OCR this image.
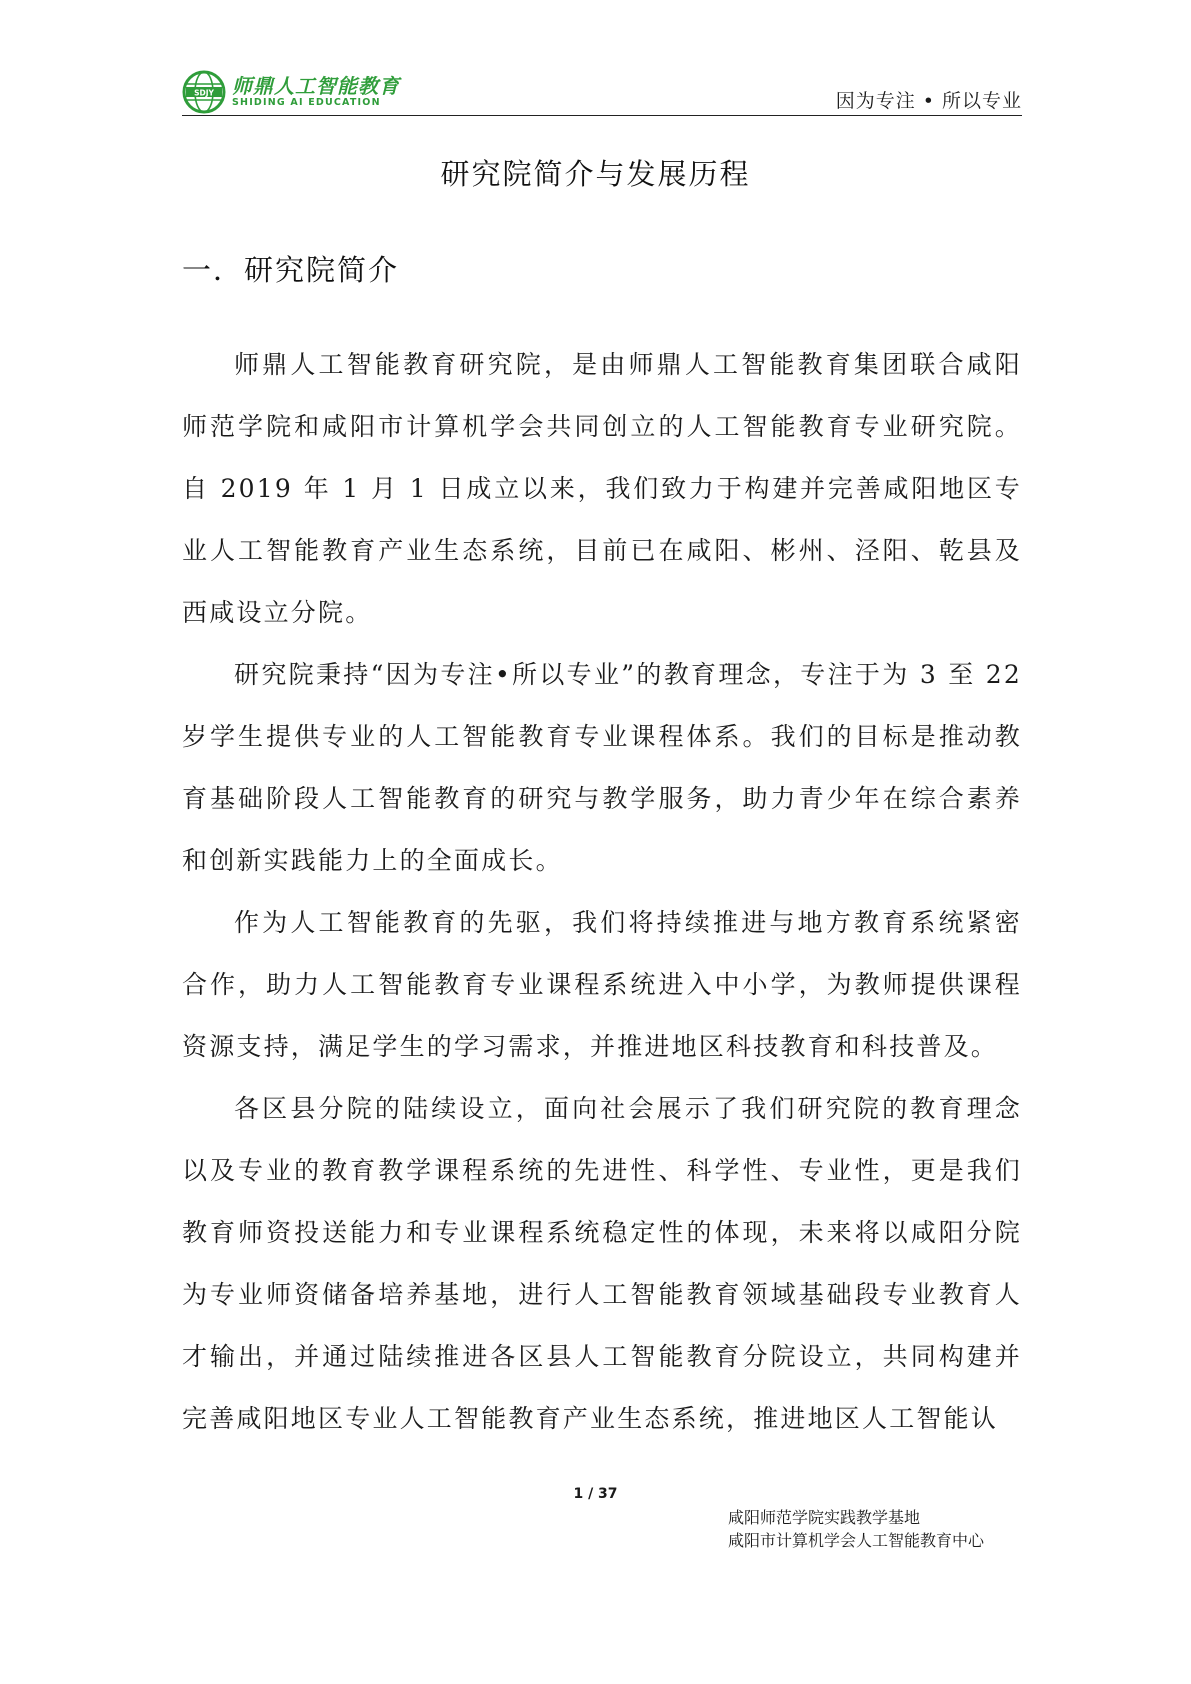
SDJY 师鼎人工智能教育
SHIDING AI EDUCATION	因为专注 • 所以专业
研究院简介与发展历程
一．研究院简介

师鼎人工智能教育研究院，是由师鼎人工智能教育集团联合咸阳师范学院和咸阳市计算机学会共同创立的人工智能教育专业研究院。自 2019 年 1 月 1 日成立以来，我们致力于构建并完善咸阳地区专业人工智能教育产业生态系统，目前已在咸阳、彬州、泾阳、乾县及西咸设立分院。

研究院秉持“因为专注•所以专业”的教育理念，专注于为 3 至 22 岁学生提供专业的人工智能教育专业课程体系。我们的目标是推动教育基础阶段人工智能教育的研究与教学服务，助力青少年在综合素养和创新实践能力上的全面成长。

作为人工智能教育的先驱，我们将持续推进与地方教育系统紧密合作，助力人工智能教育专业课程系统进入中小学，为教师提供课程资源支持，满足学生的学习需求，并推进地区科技教育和科技普及。

各区县分院的陆续设立，面向社会展示了我们研究院的教育理念以及专业的教育教学课程系统的先进性、科学性、专业性，更是我们教育师资投送能力和专业课程系统稳定性的体现，未来将以咸阳分院为专业师资储备培养基地，进行人工智能教育领域基础段专业教育人才输出，并通过陆续推进各区县人工智能教育分院设立，共同构建并完善咸阳地区专业人工智能教育产业生态系统，推进地区人工智能认

1 / 37
咸阳师范学院实践教学基地
咸阳市计算机学会人工智能教育中心
